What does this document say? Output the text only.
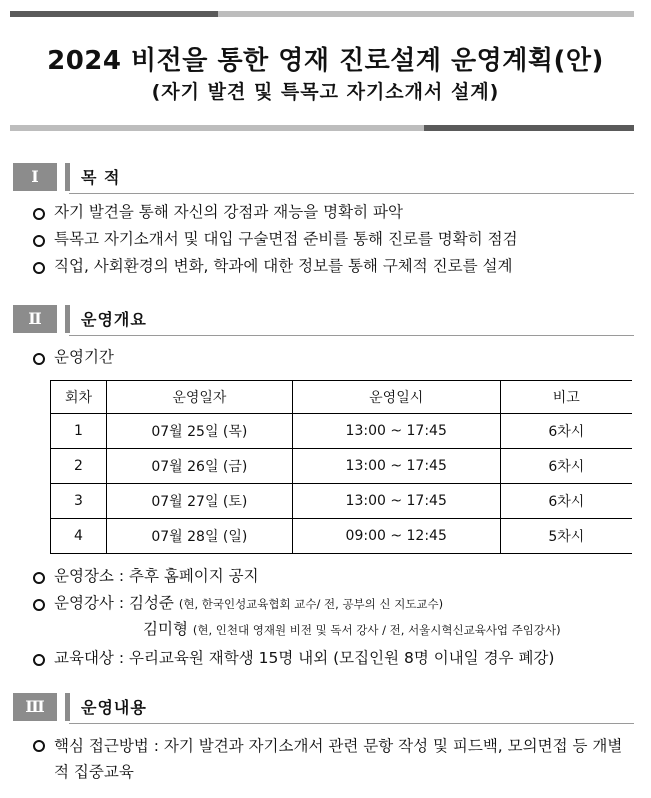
2024 비전을 통한 영재 진로설계 운영계획(안)
(자기 발견 및 특목고 자기소개서 설계)
Ⅰ	목 적
자기 발견을 통해 자신의 강점과 재능을 명확히 파악
특목고 자기소개서 및 대입 구술면접 준비를 통해 진로를 명확히 점검
직업, 사회환경의 변화, 학과에 대한 정보를 통해 구체적 진로를 설계
Ⅱ	운영개요
운영기간
회차	운영일자	운영일시	비고
1	07월 25일 (목)	13:00 ~ 17:45	6차시
2	07월 26일 (금)	13:00 ~ 17:45	6차시
3	07월 27일 (토)	13:00 ~ 17:45	6차시
4	07월 28일 (일)	09:00 ~ 12:45	5차시
운영장소 : 추후 홈페이지 공지
운영강사 : 김성준 (현, 한국인성교육협회 교수/ 전, 공부의 신 지도교수)
김미형 (현, 인천대 영재원 비전 및 독서 강사 / 전, 서울시혁신교육사업 주임강사)
교육대상 : 우리교육원 재학생 15명 내외 (모집인원 8명 이내일 경우 폐강)
Ⅲ	운영내용
핵심 접근방법 : 자기 발견과 자기소개서 관련 문항 작성 및 피드백, 모의면접 등 개별적 집중교육
